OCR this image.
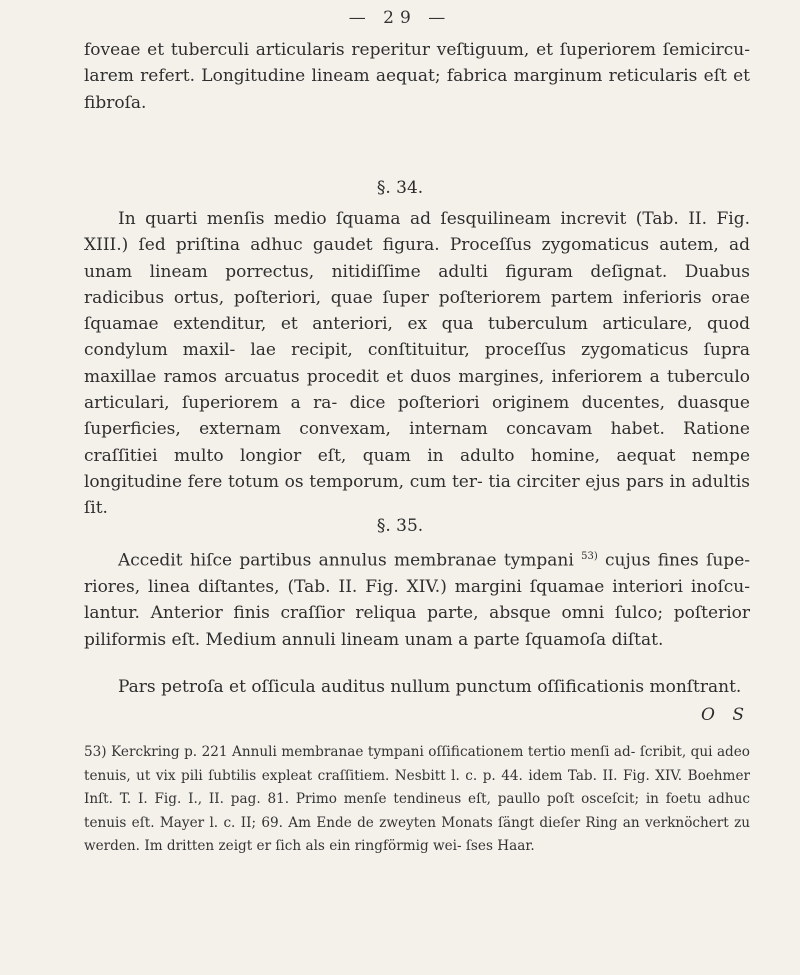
— 29 —
foveae et tuberculi articularis reperitur veſtiguum, et ſuperiorem ſemicircu- larem refert. Longitudine lineam aequat; fabrica marginum reticularis eſt et fibroſa.
§. 34.

In quarti menſis medio ſquama ad ſesquilineam increvit (Tab. II. Fig. XIII.) ſed priſtina adhuc gaudet figura. Proceſſus zygomaticus autem, ad unam lineam porrectus, nitidiſſime adulti figuram deſignat. Duabus radicibus ortus, poſteriori, quae ſuper poſteriorem partem inferioris orae ſquamae extenditur, et anteriori, ex qua tuberculum articulare, quod condylum maxil- lae recipit, conſtituitur, proceſſus zygomaticus ſupra maxillae ramos arcuatus procedit et duos margines, inferiorem a tuberculo articulari, ſuperiorem a ra- dice poſteriori originem ducentes, duasque ſuperficies, externam convexam, internam concavam habet. Ratione craſſitiei multo longior eſt, quam in adulto homine, aequat nempe longitudine fere totum os temporum, cum ter- tia circiter ejus pars in adultis ſit.

§. 35.

Accedit hiſce partibus annulus membranae tympani $^{53)}$ cujus fines ſupe- riores, linea diſtantes, (Tab. II. Fig. XIV.) margini ſquamae interiori inoſcu- lantur. Anterior finis craſſior reliqua parte, absque omni ſulco; poſterior piliformis eſt. Medium annuli lineam unam a parte ſquamoſa diſtat.

Pars petroſa et oſſicula auditus nullum punctum oſſificationis monſtrant.

O S

53) Kerckring p. 221 Annuli membranae tympani oſſificationem tertio menſi ad- ſcribit, qui adeo tenuis, ut vix pili ſubtilis expleat craſſitiem. Nesbitt l. c. p. 44. idem Tab. II. Fig. XIV. Boehmer Inſt. T. I. Fig. I., II. pag. 81. Primo menſe tendineus eſt, paullo poſt osceſcit; in foetu adhuc tenuis eſt. Mayer l. c. II; 69. Am Ende de zweyten Monats ſängt dieſer Ring an verknöchert zu werden. Im dritten zeigt er ſich als ein ringförmig wei- ſses Haar.
